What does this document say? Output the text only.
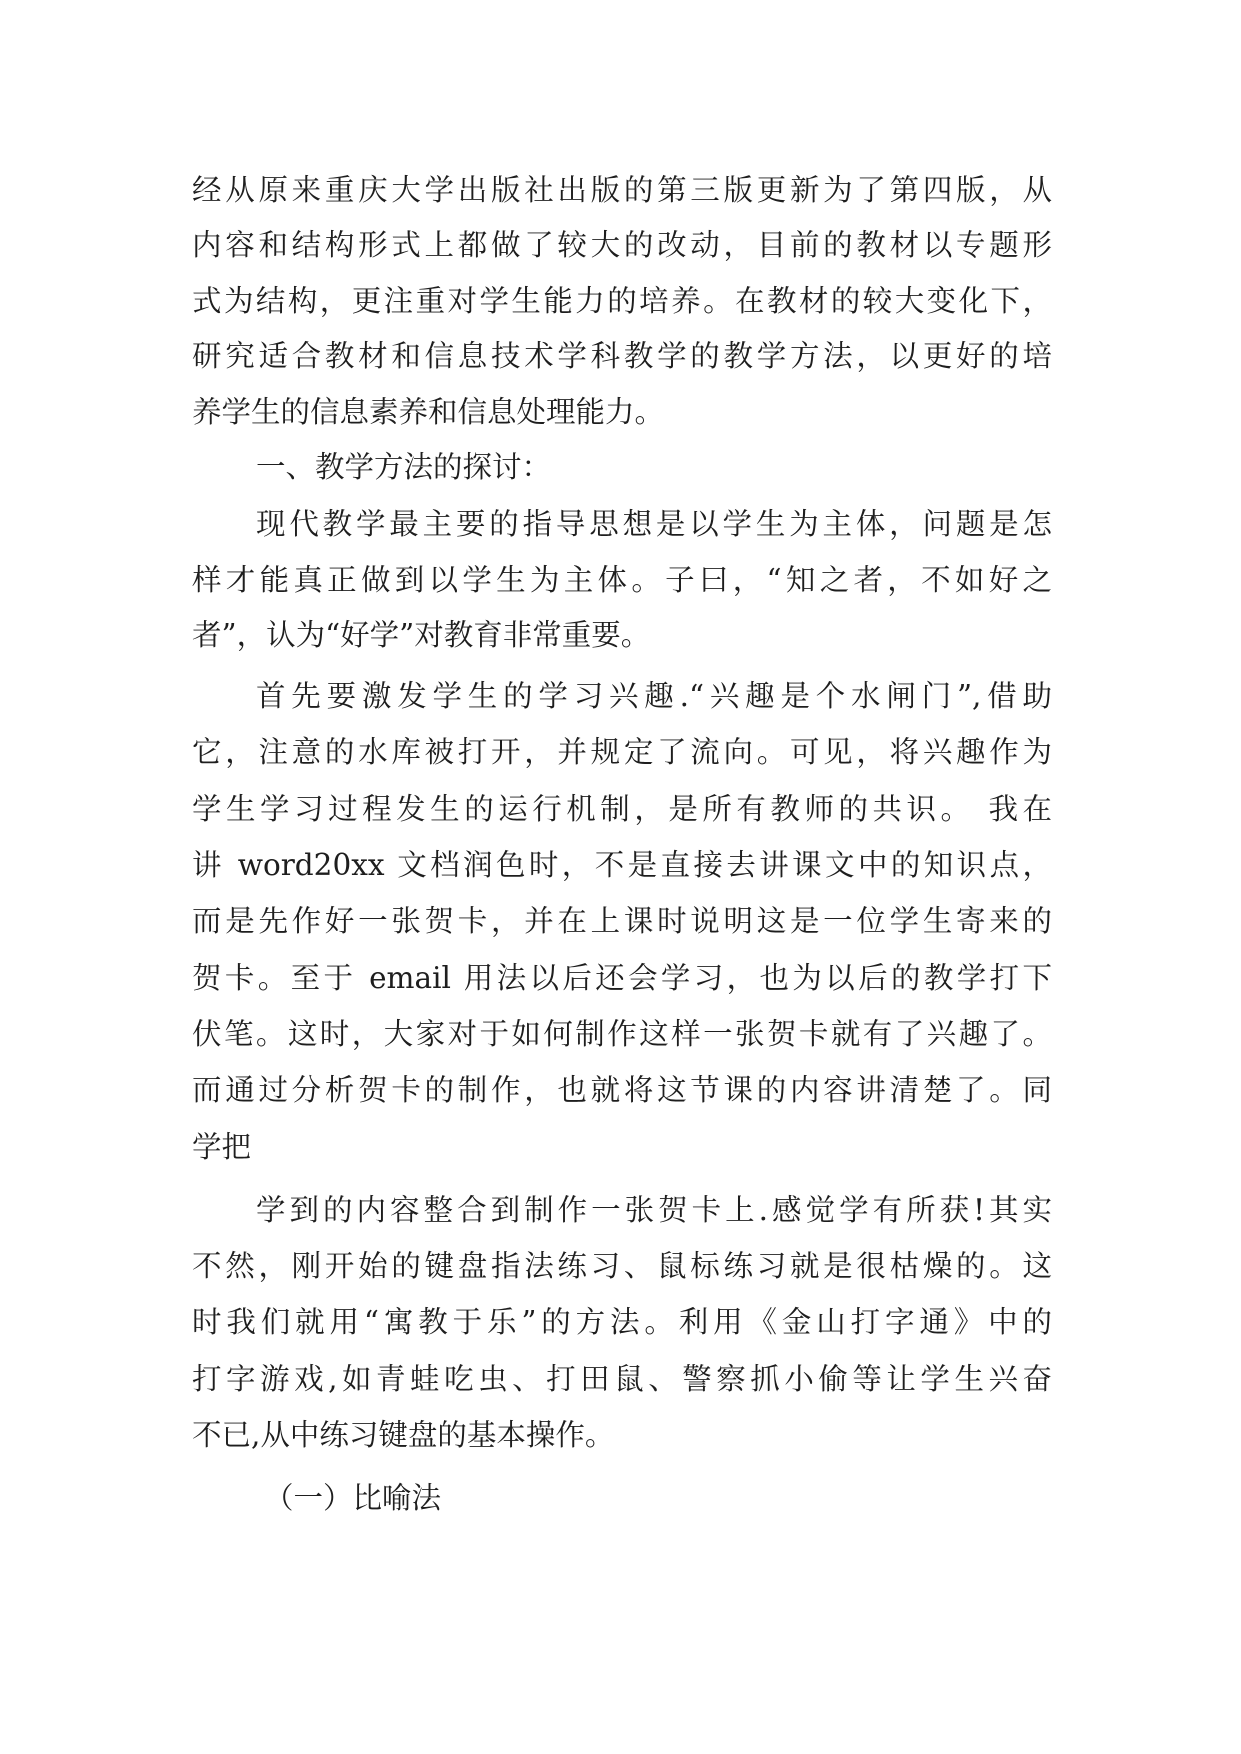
经从原来重庆大学出版社出版的第三版更新为了第四版，从
内容和结构形式上都做了较大的改动，目前的教材以专题形
式为结构，更注重对学生能力的培养。在教材的较大变化下，
研究适合教材和信息技术学科教学的教学方法，以更好的培
养学生的信息素养和信息处理能力。
一、教学方法的探讨：
现代教学最主要的指导思想是以学生为主体，问题是怎
样才能真正做到以学生为主体。子曰，“知之者，不如好之
者”，认为“好学”对教育非常重要。
首先要激发学生的学习兴趣.“兴趣是个水闸门”,借助
它，注意的水库被打开，并规定了流向。可见，将兴趣作为
学生学习过程发生的运行机制，是所有教师的共识。 我在
讲 word20xx 文档润色时，不是直接去讲课文中的知识点，
而是先作好一张贺卡，并在上课时说明这是一位学生寄来的
贺卡。至于 email 用法以后还会学习，也为以后的教学打下
伏笔。这时，大家对于如何制作这样一张贺卡就有了兴趣了。
而通过分析贺卡的制作，也就将这节课的内容讲清楚了。同
学把
学到的内容整合到制作一张贺卡上.感觉学有所获!其实
不然，刚开始的键盘指法练习、鼠标练习就是很枯燥的。这
时我们就用“寓教于乐”的方法。利用《金山打字通》中的
打字游戏,如青蛙吃虫、打田鼠、警察抓小偷等让学生兴奋
不已,从中练习键盘的基本操作。
（一）比喻法
